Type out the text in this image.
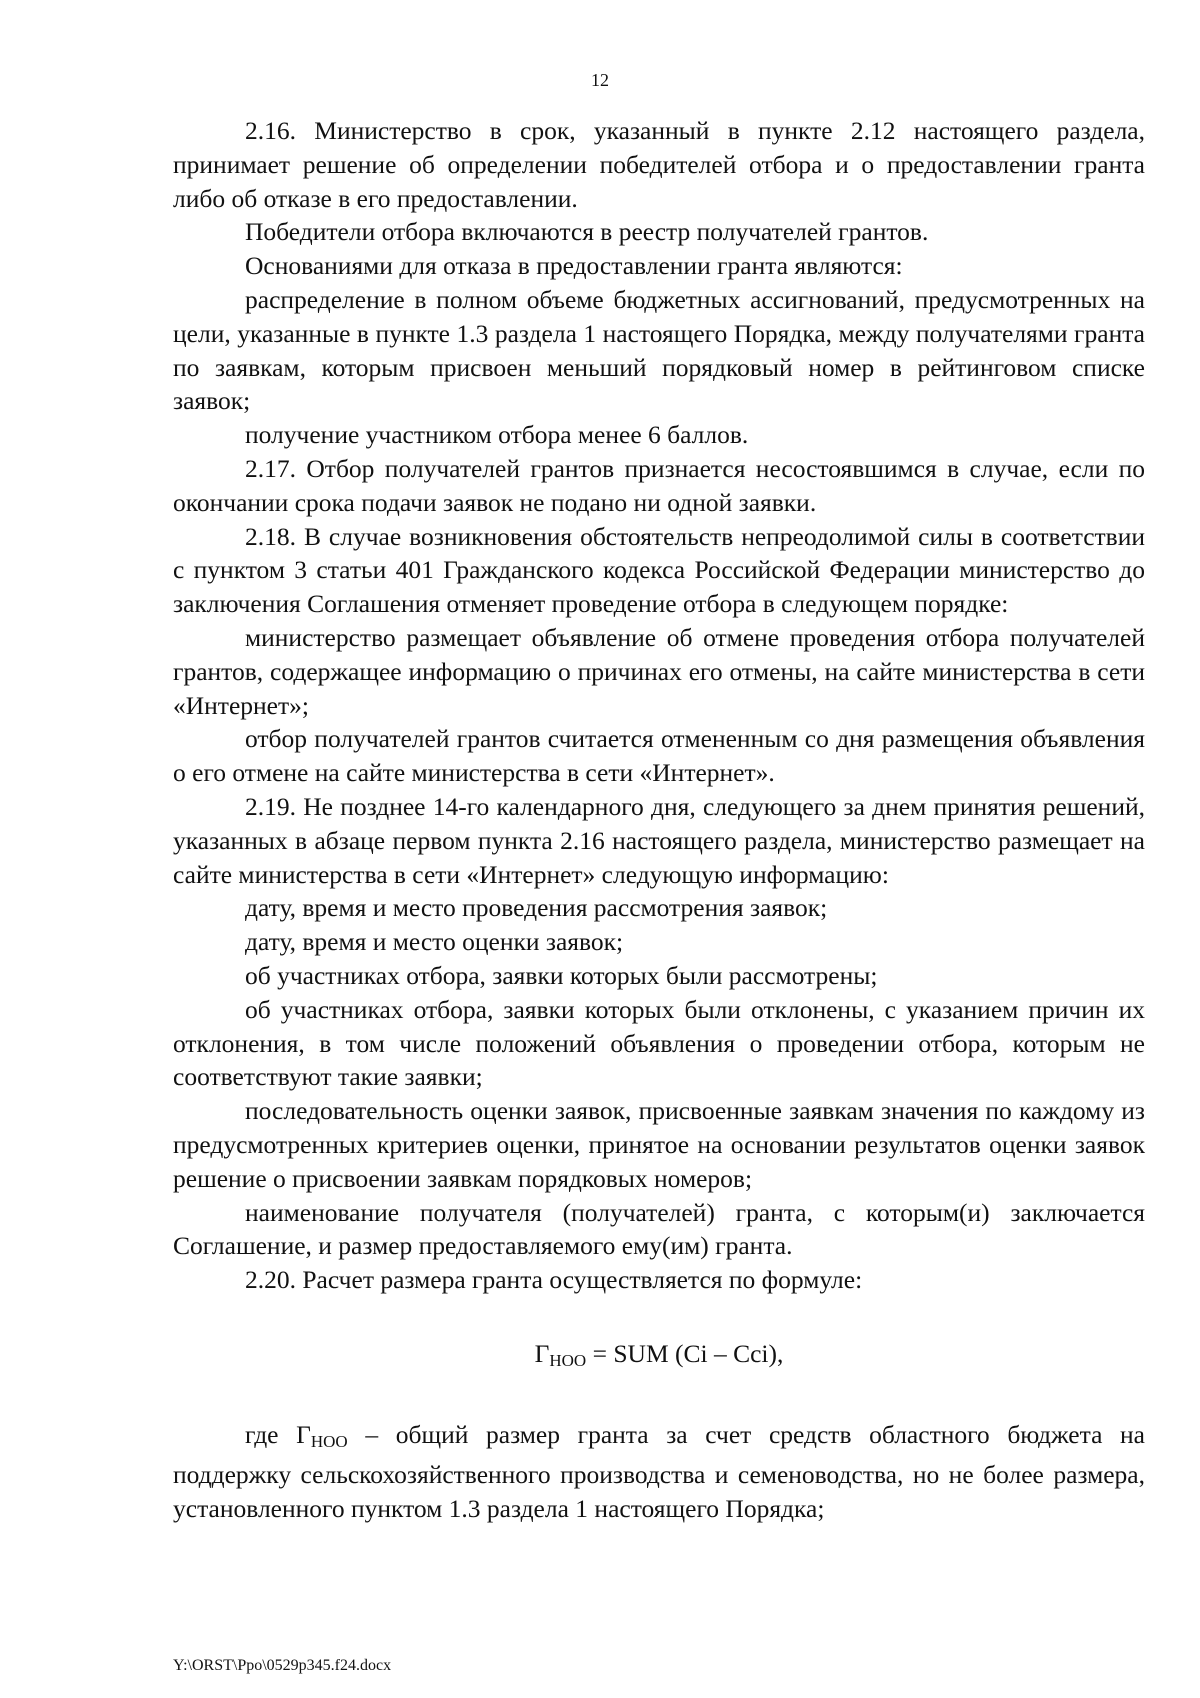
12

2.16. Министерство в срок, указанный в пункте 2.12 настоящего раздела, принимает решение об определении победителей отбора и о предоставлении гранта либо об отказе в его предоставлении.

Победители отбора включаются в реестр получателей грантов.

Основаниями для отказа в предоставлении гранта являются:

распределение в полном объеме бюджетных ассигнований, предусмотренных на цели, указанные в пункте 1.3 раздела 1 настоящего Порядка, между получателями гранта по заявкам, которым присвоен меньший порядковый номер в рейтинговом списке заявок;

получение участником отбора менее 6 баллов.

2.17. Отбор получателей грантов признается несостоявшимся в случае, если по окончании срока подачи заявок не подано ни одной заявки.

2.18. В случае возникновения обстоятельств непреодолимой силы в соответствии с пунктом 3 статьи 401 Гражданского кодекса Российской Федерации министерство до заключения Соглашения отменяет проведение отбора в следующем порядке:

министерство размещает объявление об отмене проведения отбора получателей грантов, содержащее информацию о причинах его отмены, на сайте министерства в сети «Интернет»;

отбор получателей грантов считается отмененным со дня размещения объявления о его отмене на сайте министерства в сети «Интернет».

2.19. Не позднее 14-го календарного дня, следующего за днем принятия решений, указанных в абзаце первом пункта 2.16 настоящего раздела, министерство размещает на сайте министерства в сети «Интернет» следующую информацию:

дату, время и место проведения рассмотрения заявок;

дату, время и место оценки заявок;

об участниках отбора, заявки которых были рассмотрены;

об участниках отбора, заявки которых были отклонены, с указанием причин их отклонения, в том числе положений объявления о проведении отбора, которым не соответствуют такие заявки;

последовательность оценки заявок, присвоенные заявкам значения по каждому из предусмотренных критериев оценки, принятое на основании результатов оценки заявок решение о присвоении заявкам порядковых номеров;

наименование получателя (получателей) гранта, с которым(и) заключается Соглашение, и размер предоставляемого ему(им) гранта.

2.20. Расчет размера гранта осуществляется по формуле:

$Г_{НОО}$ = SUM (Ci – Cci),

где $Г_{НОО}$ – общий размер гранта за счет средств областного бюджета на поддержку сельскохозяйственного производства и семеноводства, но не более размера, установленного пунктом 1.3 раздела 1 настоящего Порядка;

Y:\ORST\Ppo\0529p345.f24.docx
